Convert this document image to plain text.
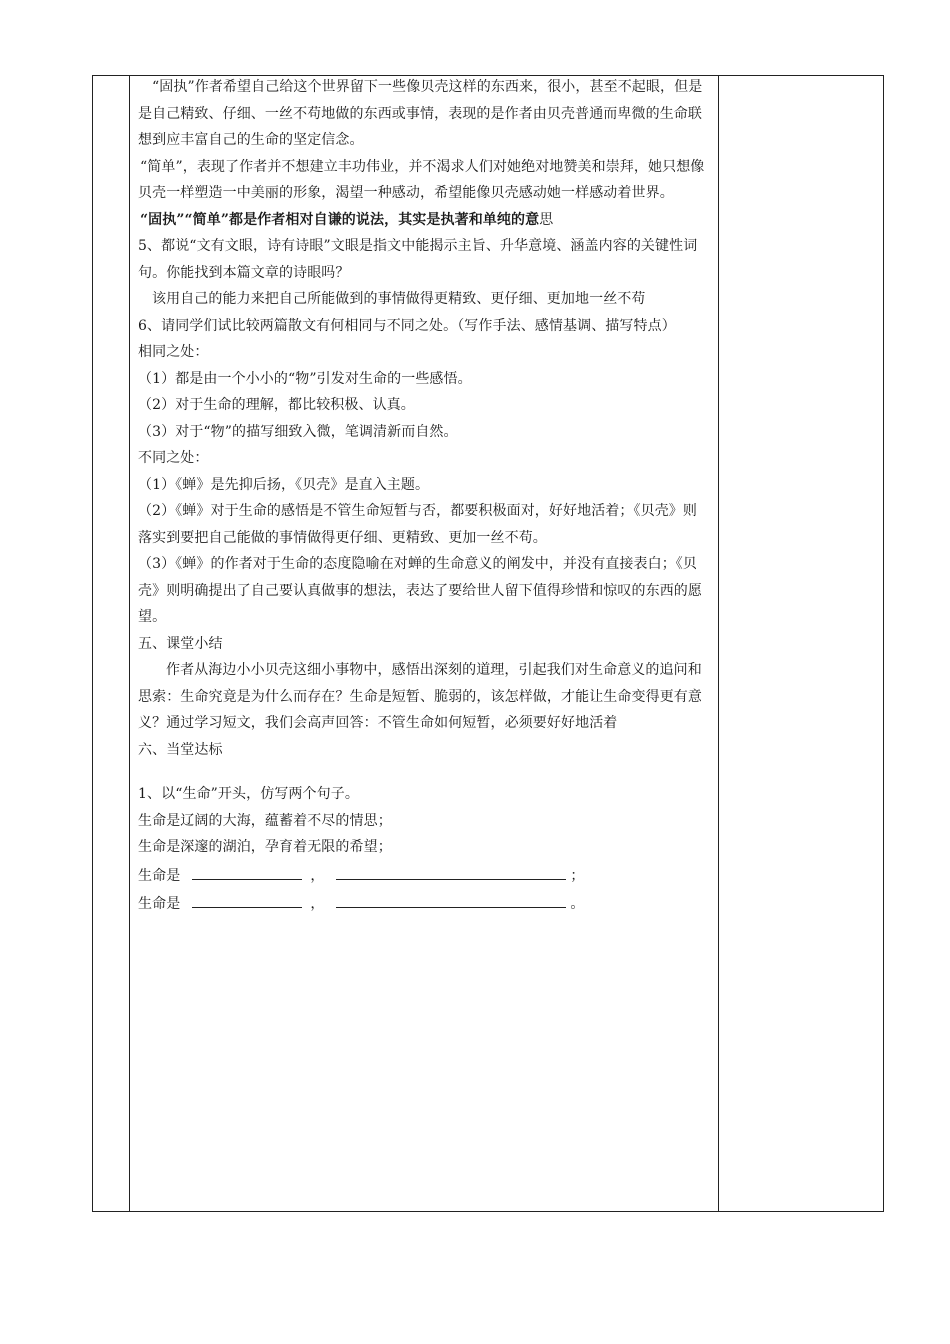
“固执”作者希望自己给这个世界留下一些像贝壳这样的东西来，很小，甚至不起眼，但是是自己精致、仔细、一丝不苟地做的东西或事情，表现的是作者由贝壳普通而卑微的生命联想到应丰富自己的生命的坚定信念。

“简单”，表现了作者并不想建立丰功伟业，并不渴求人们对她绝对地赞美和崇拜，她只想像贝壳一样塑造一中美丽的形象，渴望一种感动，希望能像贝壳感动她一样感动着世界。

“固执”“简单”都是作者相对自谦的说法，其实是执著和单纯的意思

5、都说“文有文眼，诗有诗眼”文眼是指文中能揭示主旨、升华意境、涵盖内容的关键性词句。你能找到本篇文章的诗眼吗？

该用自己的能力来把自己所能做到的事情做得更精致、更仔细、更加地一丝不苟

6、请同学们试比较两篇散文有何相同与不同之处。（写作手法、感情基调、描写特点）

相同之处：

（1）都是由一个小小的“物”引发对生命的一些感悟。

（2）对于生命的理解，都比较积极、认真。

（3）对于“物”的描写细致入微，笔调清新而自然。

不同之处：

（1）《蝉》是先抑后扬，《贝壳》是直入主题。

（2）《蝉》对于生命的感悟是不管生命短暂与否，都要积极面对，好好地活着；《贝壳》则落实到要把自己能做的事情做得更仔细、更精致、更加一丝不苟。

（3）《蝉》的作者对于生命的态度隐喻在对蝉的生命意义的阐发中，并没有直接表白；《贝壳》则明确提出了自己要认真做事的想法，表达了要给世人留下值得珍惜和惊叹的东西的愿望。

五、课堂小结

作者从海边小小贝壳这细小事物中，感悟出深刻的道理，引起我们对生命意义的追问和思索：生命究竟是为什么而存在？生命是短暂、脆弱的，该怎样做，才能让生命变得更有意义？通过学习短文，我们会高声回答：不管生命如何短暂，必须要好好地活着

六、当堂达标

1、以“生命”开头，仿写两个句子。

生命是辽阔的大海，蕴蓄着不尽的情思；

生命是深邃的湖泊，孕育着无限的希望；

生命是	，	；

生命是	，	。
